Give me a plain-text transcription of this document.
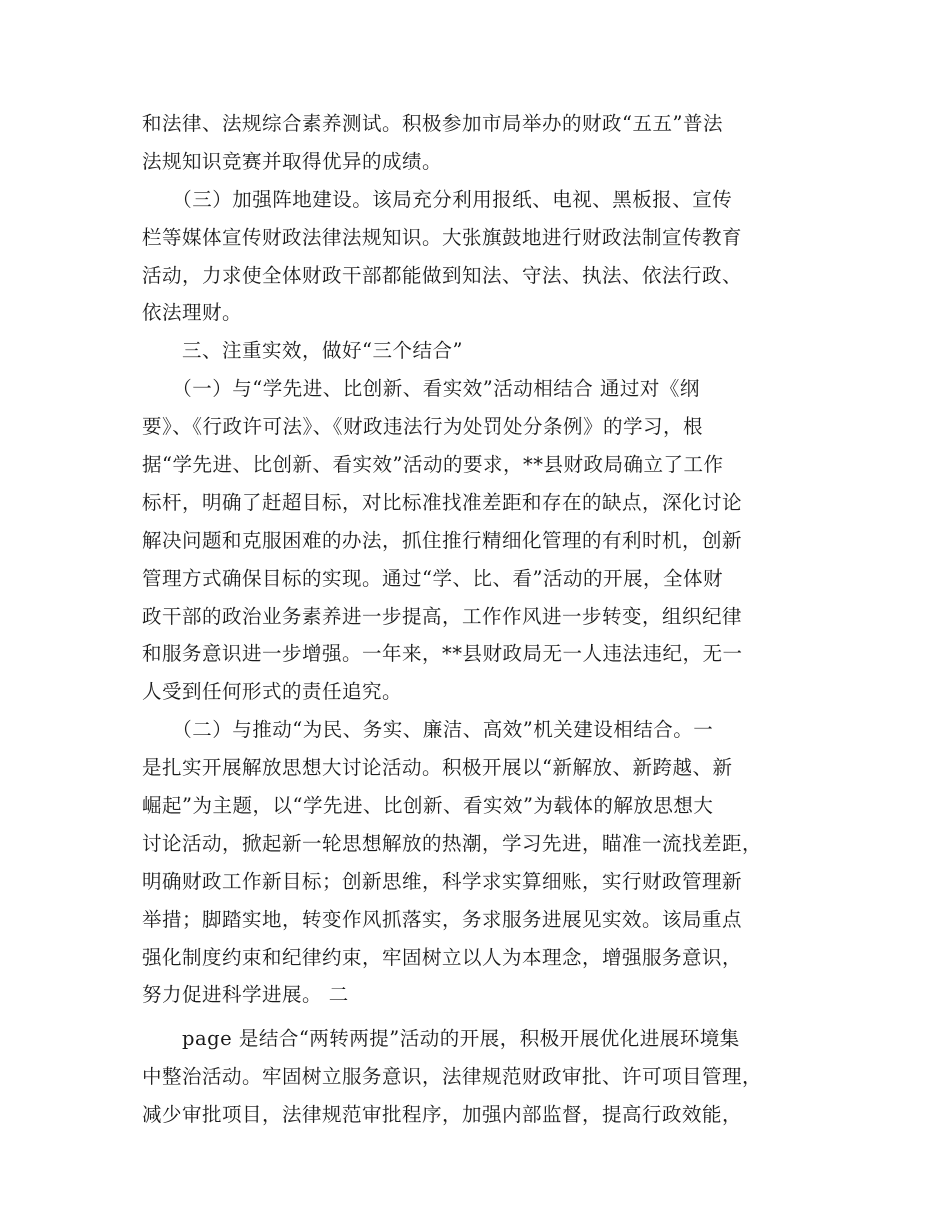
和法律、法规综合素养测试。积极参加市局举办的财政“五五”普法
法规知识竞赛并取得优异的成绩。
　　（三）加强阵地建设。该局充分利用报纸、电视、黑板报、宣传
栏等媒体宣传财政法律法规知识。大张旗鼓地进行财政法制宣传教育
活动，力求使全体财政干部都能做到知法、守法、执法、依法行政、
依法理财。
　　三、注重实效，做好“三个结合”
　　（一）与“学先进、比创新、看实效”活动相结合 通过对《纲
要》、《行政许可法》、《财政违法行为处罚处分条例》的学习，根
据“学先进、比创新、看实效”活动的要求，**县财政局确立了工作
标杆，明确了赶超目标，对比标准找准差距和存在的缺点，深化讨论
解决问题和克服困难的办法，抓住推行精细化管理的有利时机，创新
管理方式确保目标的实现。通过“学、比、看”活动的开展，全体财
政干部的政治业务素养进一步提高，工作作风进一步转变，组织纪律
和服务意识进一步增强。一年来，**县财政局无一人违法违纪，无一
人受到任何形式的责任追究。
　　（二）与推动“为民、务实、廉洁、高效”机关建设相结合。一
是扎实开展解放思想大讨论活动。积极开展以“新解放、新跨越、新
崛起”为主题，以“学先进、比创新、看实效”为载体的解放思想大
讨论活动，掀起新一轮思想解放的热潮，学习先进，瞄准一流找差距，
明确财政工作新目标；创新思维，科学求实算细账，实行财政管理新
举措；脚踏实地，转变作风抓落实，务求服务进展见实效。该局重点
强化制度约束和纪律约束，牢固树立以人为本理念，增强服务意识，
努力促进科学进展。 二
　　page 是结合“两转两提”活动的开展，积极开展优化进展环境集
中整治活动。牢固树立服务意识，法律规范财政审批、许可项目管理，
减少审批项目，法律规范审批程序，加强内部监督，提高行政效能，
